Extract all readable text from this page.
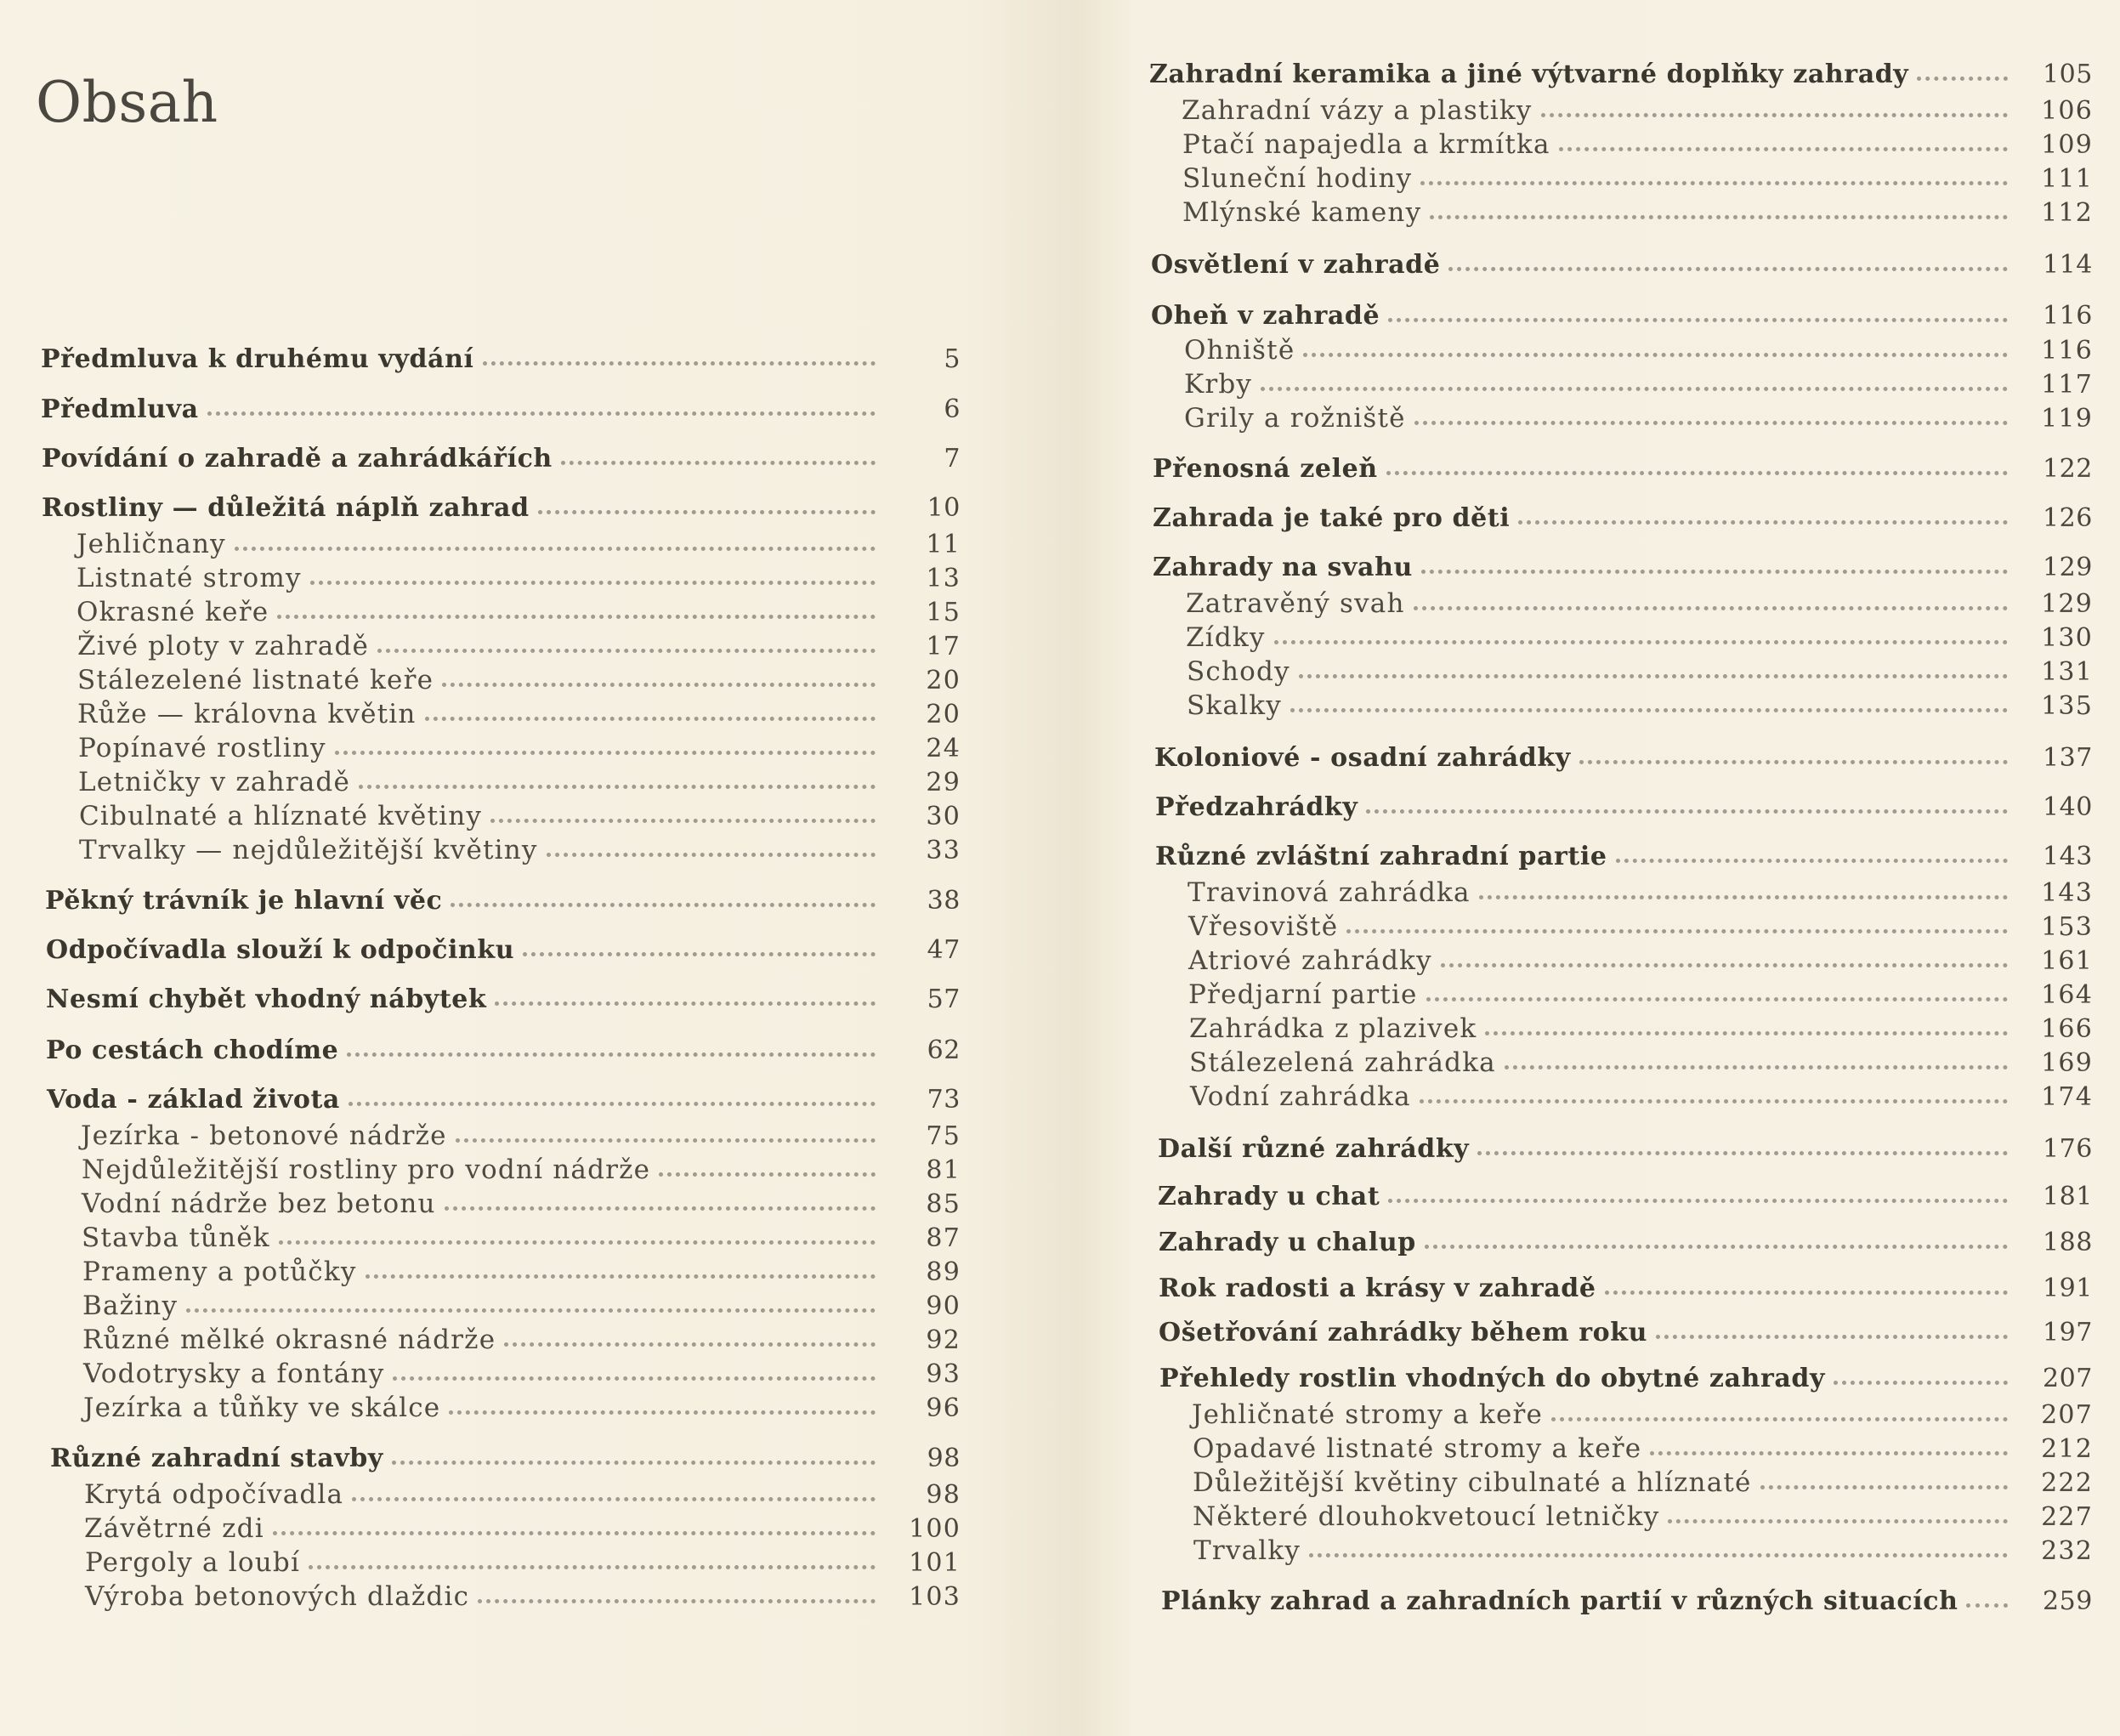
Obsah
Předmluva k druhému vydání	5
Předmluva	6
Povídání o zahradě a zahrádkářích	7
Rostliny — důležitá náplň zahrad	10
Jehličnany	11
Listnaté stromy	13
Okrasné keře	15
Živé ploty v zahradě	17
Stálezelené listnaté keře	20
Růže — královna květin	20
Popínavé rostliny	24
Letničky v zahradě	29
Cibulnaté a hlíznaté květiny	30
Trvalky — nejdůležitější květiny	33
Pěkný trávník je hlavní věc	38
Odpočívadla slouží k odpočinku	47
Nesmí chybět vhodný nábytek	57
Po cestách chodíme	62
Voda - základ života	73
Jezírka - betonové nádrže	75
Nejdůležitější rostliny pro vodní nádrže	81
Vodní nádrže bez betonu	85
Stavba tůněk	87
Prameny a potůčky	89
Bažiny	90
Různé mělké okrasné nádrže	92
Vodotrysky a fontány	93
Jezírka a tůňky ve skálce	96
Různé zahradní stavby	98
Krytá odpočívadla	98
Závětrné zdi	100
Pergoly a loubí	101
Výroba betonových dlaždic	103
Zahradní keramika a jiné výtvarné doplňky zahrady	105
Zahradní vázy a plastiky	106
Ptačí napajedla a krmítka	109
Sluneční hodiny	111
Mlýnské kameny	112
Osvětlení v zahradě	114
Oheň v zahradě	116
Ohniště	116
Krby	117
Grily a rožniště	119
Přenosná zeleň	122
Zahrada je také pro děti	126
Zahrady na svahu	129
Zatravěný svah	129
Zídky	130
Schody	131
Skalky	135
Koloniové - osadní zahrádky	137
Předzahrádky	140
Různé zvláštní zahradní partie	143
Travinová zahrádka	143
Vřesoviště	153
Atriové zahrádky	161
Předjarní partie	164
Zahrádka z plazivek	166
Stálezelená zahrádka	169
Vodní zahrádka	174
Další různé zahrádky	176
Zahrady u chat	181
Zahrady u chalup	188
Rok radosti a krásy v zahradě	191
Ošetřování zahrádky během roku	197
Přehledy rostlin vhodných do obytné zahrady	207
Jehličnaté stromy a keře	207
Opadavé listnaté stromy a keře	212
Důležitější květiny cibulnaté a hlíznaté	222
Některé dlouhokvetoucí letničky	227
Trvalky	232
Plánky zahrad a zahradních partií v různých situacích	259
